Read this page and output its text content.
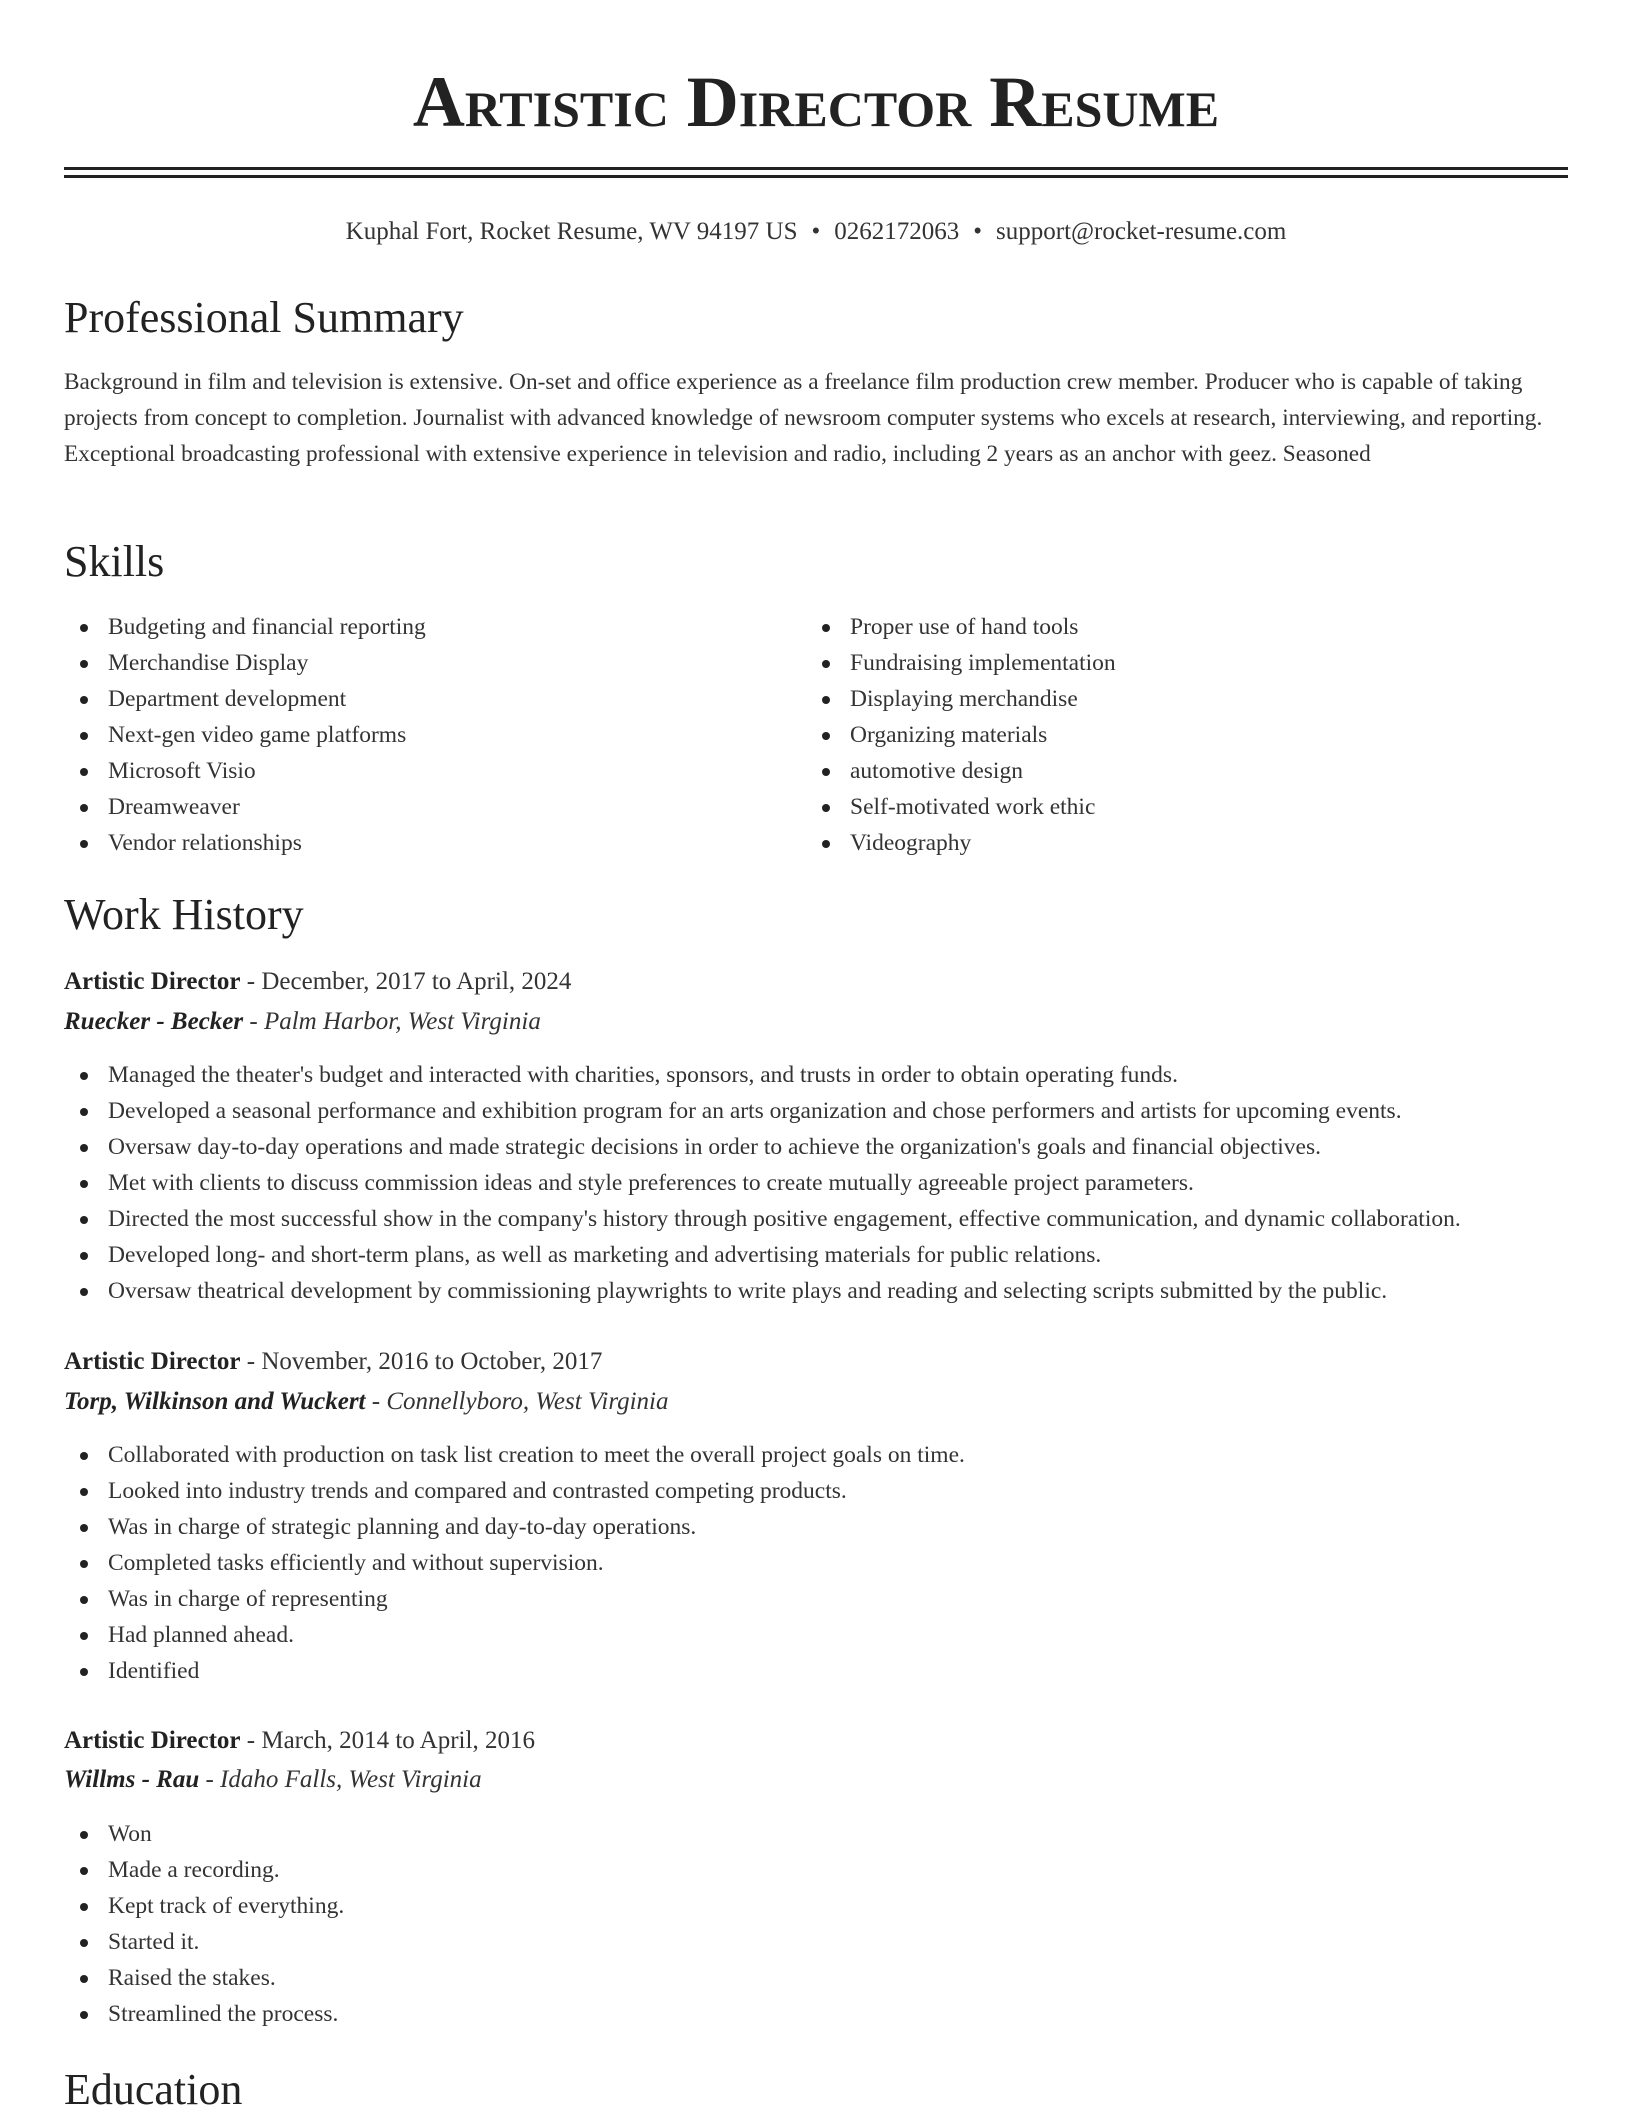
Artistic Director Resume
Kuphal Fort, Rocket Resume, WV 94197 US • 0262172063 • support@rocket-resume.com
Professional Summary
Background in film and television is extensive. On-set and office experience as a freelance film production crew member. Producer who is capable of taking projects from concept to completion. Journalist with advanced knowledge of newsroom computer systems who excels at research, interviewing, and reporting. Exceptional broadcasting professional with extensive experience in television and radio, including 2 years as an anchor with geez. Seasoned
Skills
Budgeting and financial reporting
Merchandise Display
Department development
Next-gen video game platforms
Microsoft Visio
Dreamweaver
Vendor relationships
Proper use of hand tools
Fundraising implementation
Displaying merchandise
Organizing materials
automotive design
Self-motivated work ethic
Videography
Work History
Artistic Director - December, 2017 to April, 2024
Ruecker - Becker - Palm Harbor, West Virginia
Managed the theater's budget and interacted with charities, sponsors, and trusts in order to obtain operating funds.
Developed a seasonal performance and exhibition program for an arts organization and chose performers and artists for upcoming events.
Oversaw day-to-day operations and made strategic decisions in order to achieve the organization's goals and financial objectives.
Met with clients to discuss commission ideas and style preferences to create mutually agreeable project parameters.
Directed the most successful show in the company's history through positive engagement, effective communication, and dynamic collaboration.
Developed long- and short-term plans, as well as marketing and advertising materials for public relations.
Oversaw theatrical development by commissioning playwrights to write plays and reading and selecting scripts submitted by the public.
Artistic Director - November, 2016 to October, 2017
Torp, Wilkinson and Wuckert - Connellyboro, West Virginia
Collaborated with production on task list creation to meet the overall project goals on time.
Looked into industry trends and compared and contrasted competing products.
Was in charge of strategic planning and day-to-day operations.
Completed tasks efficiently and without supervision.
Was in charge of representing
Had planned ahead.
Identified
Artistic Director - March, 2014 to April, 2016
Willms - Rau - Idaho Falls, West Virginia
Won
Made a recording.
Kept track of everything.
Started it.
Raised the stakes.
Streamlined the process.
Education
